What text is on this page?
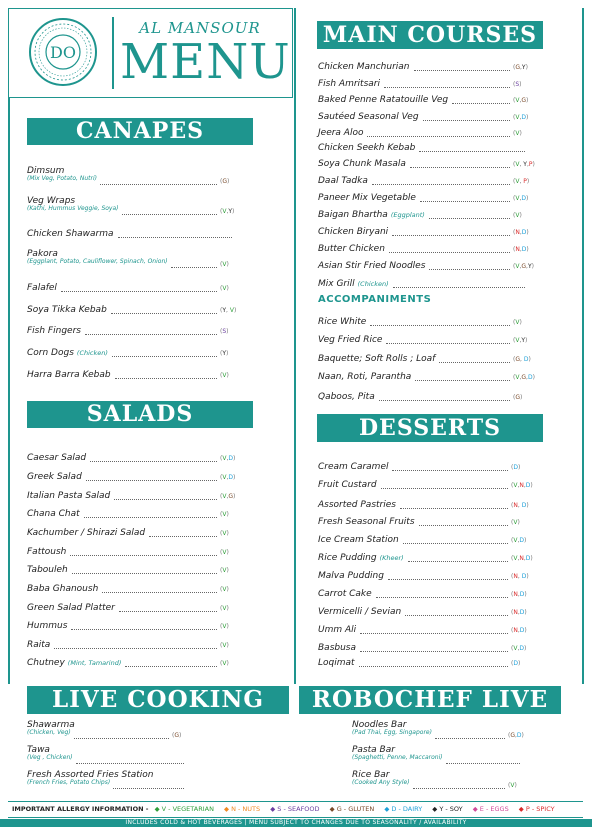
DO
AL MANSOUR
MENU
CANAPES
SALADS
MAIN COURSES
ACCOMPANIMENTS
DESSERTS
LIVE COOKING	ROBOCHEF LIVE
Dimsum
(Mix Veg, Potato, Nutri)	(G)
Veg Wraps
(Kathi, Hummus Veggie, Soya)	(V,Y)
Chicken Shawarma
Pakora
(Eggplant, Potato, Cauliflower, Spinach, Onion)	(V)
Falafel	(V)
Soya Tikka Kebab	(Y, V)
Fish Fingers	(S)
Corn Dogs (Chicken)	(Y)
Harra Barra Kebab	(V)
Caesar Salad	(V,D)
Greek Salad	(V,D)
Italian Pasta Salad	(V,G)
Chana Chat	(V)
Kachumber / Shirazi Salad	(V)
Fattoush	(V)
Tabouleh	(V)
Baba Ghanoush	(V)
Green Salad Platter	(V)
Hummus	(V)
Raita	(V)
Chutney (Mint, Tamarind)	(V)
Chicken Manchurian	(G,Y)
Fish Amritsari	(S)
Baked Penne Ratatouille Veg	(V,G)
Sautéed Seasonal Veg	(V,D)
Jeera Aloo	(V)
Chicken Seekh Kebab
Soya Chunk Masala	(V, Y,P)
Daal Tadka	(V, P)
Paneer Mix Vegetable	(V,D)
Baigan Bhartha (Eggplant)	(V)
Chicken Biryani	(N,D)
Butter Chicken	(N,D)
Asian Stir Fried Noodles	(V,G,Y)
Mix Grill (Chicken)
Rice White	(V)
Veg Fried Rice	(V,Y)
Baquette; Soft Rolls ; Loaf	(G, D)
Naan, Roti, Parantha	(V,G,D)
Qaboos, Pita	(G)
Cream Caramel	(D)
Fruit Custard	(V,N,D)
Assorted Pastries	(N, D)
Fresh Seasonal Fruits	(V)
Ice Cream Station	(V,D)
Rice Pudding (Kheer)	(V,N,D)
Malva Pudding	(N, D)
Carrot Cake	(N,D)
Vermicelli / Sevian	(N,D)
Umm Ali	(N,D)
Basbusa	(V,D)
Loqimat	(D)
Shawarma
(Chicken, Veg)	(G)
Tawa
(Veg , Chicken)
Fresh Assorted Fries Station
(French Fries, Potato Chips)
Noodles Bar
(Pad Thai, Egg, Singapore)	(G,D)
Pasta Bar
(Spaghetti, Penne, Maccaroni)
Rice Bar
(Cooked Any Style)	(V)
IMPORTANT ALLERGY INFORMATION - ◆ V - VEGETARIAN ◆ N - NUTS ◆ S - SEAFOOD ◆ G - GLUTEN ◆ D - DAIRY ◆ Y - SOY ◆ E - EGGS ◆ P - SPICY
INCLUDES COLD & HOT BEVERAGES | MENU SUBJECT TO CHANGES DUE TO SEASONALITY / AVAILABILITY
